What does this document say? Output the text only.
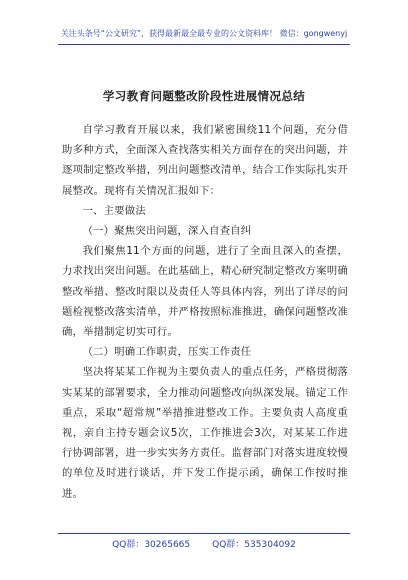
关注头条号“公文研究”，获得最新最全最专业的公文资料库！ 微信：gongwenyj
学习教育问题整改阶段性进展情况总结

自学习教育开展以来，我们紧密围绕11个问题，充分借助多种方式，全面深入查找落实相关方面存在的突出问题，并逐项制定整改举措，列出问题整改清单，结合工作实际扎实开展整改。现将有关情况汇报如下：

一、主要做法

（一）聚焦突出问题，深入自查自纠

我们聚焦11个方面的问题，进行了全面且深入的查摆，力求找出突出问题。在此基础上，精心研究制定整改方案明确整改举措、整改时限以及责任人等具体内容，列出了详尽的问题检视整改落实清单，并严格按照标准推进，确保问题整改准确，举措制定切实可行。

（二）明确工作职责，压实工作责任

坚决将某某工作视为主要负责人的重点任务，严格贯彻落实某某的部署要求，全力推动问题整改向纵深发展。锚定工作重点，采取“超常规”举措推进整改工作。主要负责人高度重视，亲自主持专题会议5次，工作推进会3次，对某某工作进行协调部署，进一步实实务方责任。监督部门对落实进度较慢的单位及时进行谈话，并下发工作提示函，确保工作按时推进。

QQ群：30265665 QQ群：535304092
